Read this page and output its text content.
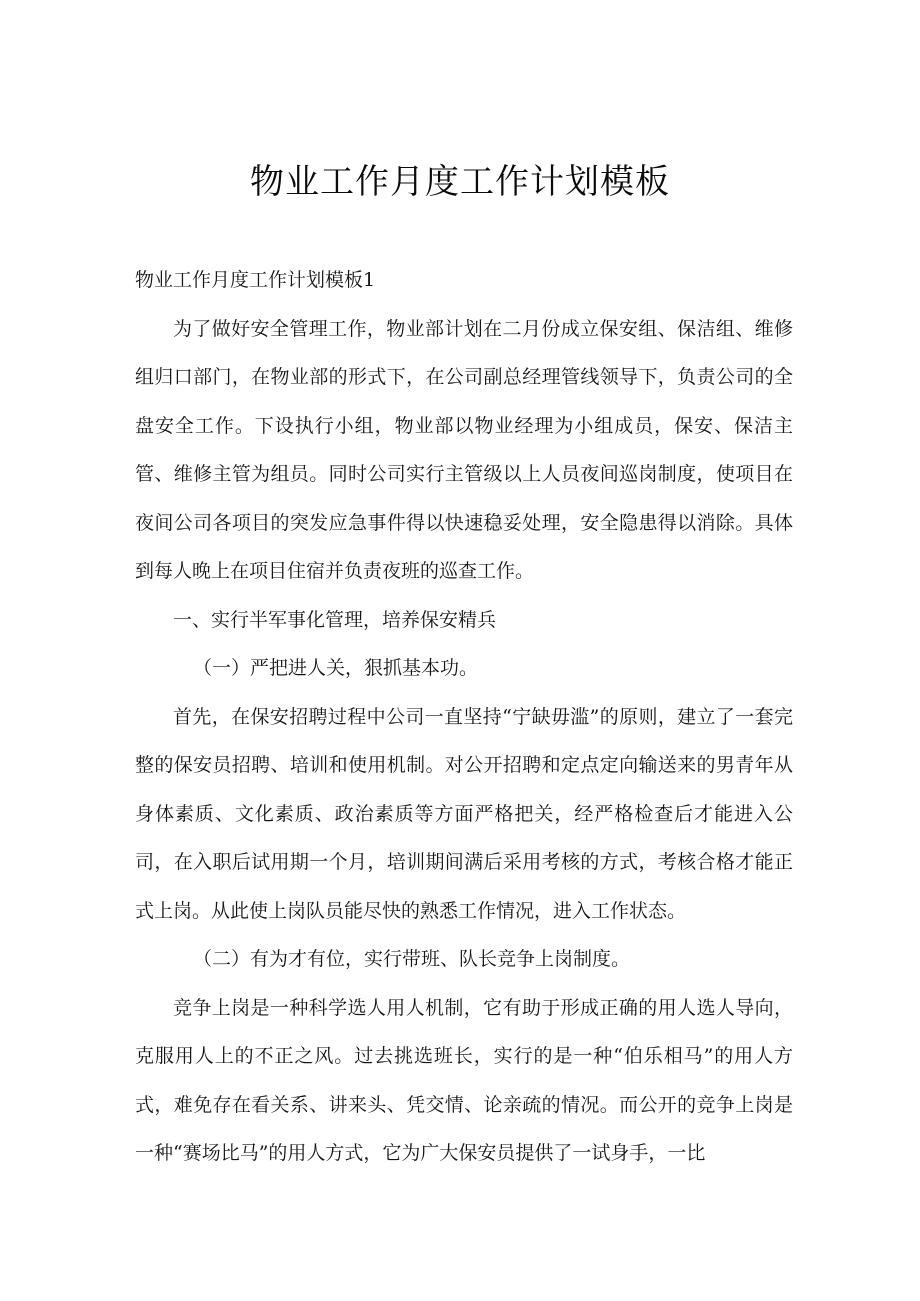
物业工作月度工作计划模板

物业工作月度工作计划模板1

为了做好安全管理工作，物业部计划在二月份成立保安组、保洁组、维修组归口部门，在物业部的形式下，在公司副总经理管线领导下，负责公司的全盘安全工作。下设执行小组，物业部以物业经理为小组成员，保安、保洁主管、维修主管为组员。同时公司实行主管级以上人员夜间巡岗制度，使项目在夜间公司各项目的突发应急事件得以快速稳妥处理，安全隐患得以消除。具体到每人晚上在项目住宿并负责夜班的巡查工作。

一、实行半军事化管理，培养保安精兵

（一）严把进人关，狠抓基本功。

首先，在保安招聘过程中公司一直坚持“宁缺毋滥”的原则，建立了一套完整的保安员招聘、培训和使用机制。对公开招聘和定点定向输送来的男青年从身体素质、文化素质、政治素质等方面严格把关，经严格检查后才能进入公司，在入职后试用期一个月，培训期间满后采用考核的方式，考核合格才能正式上岗。从此使上岗队员能尽快的熟悉工作情况，进入工作状态。

（二）有为才有位，实行带班、队长竞争上岗制度。

竞争上岗是一种科学选人用人机制，它有助于形成正确的用人选人导向，克服用人上的不正之风。过去挑选班长，实行的是一种“伯乐相马”的用人方式，难免存在看关系、讲来头、凭交情、论亲疏的情况。而公开的竞争上岗是一种“赛场比马”的用人方式，它为广大保安员提供了一试身手，一比
